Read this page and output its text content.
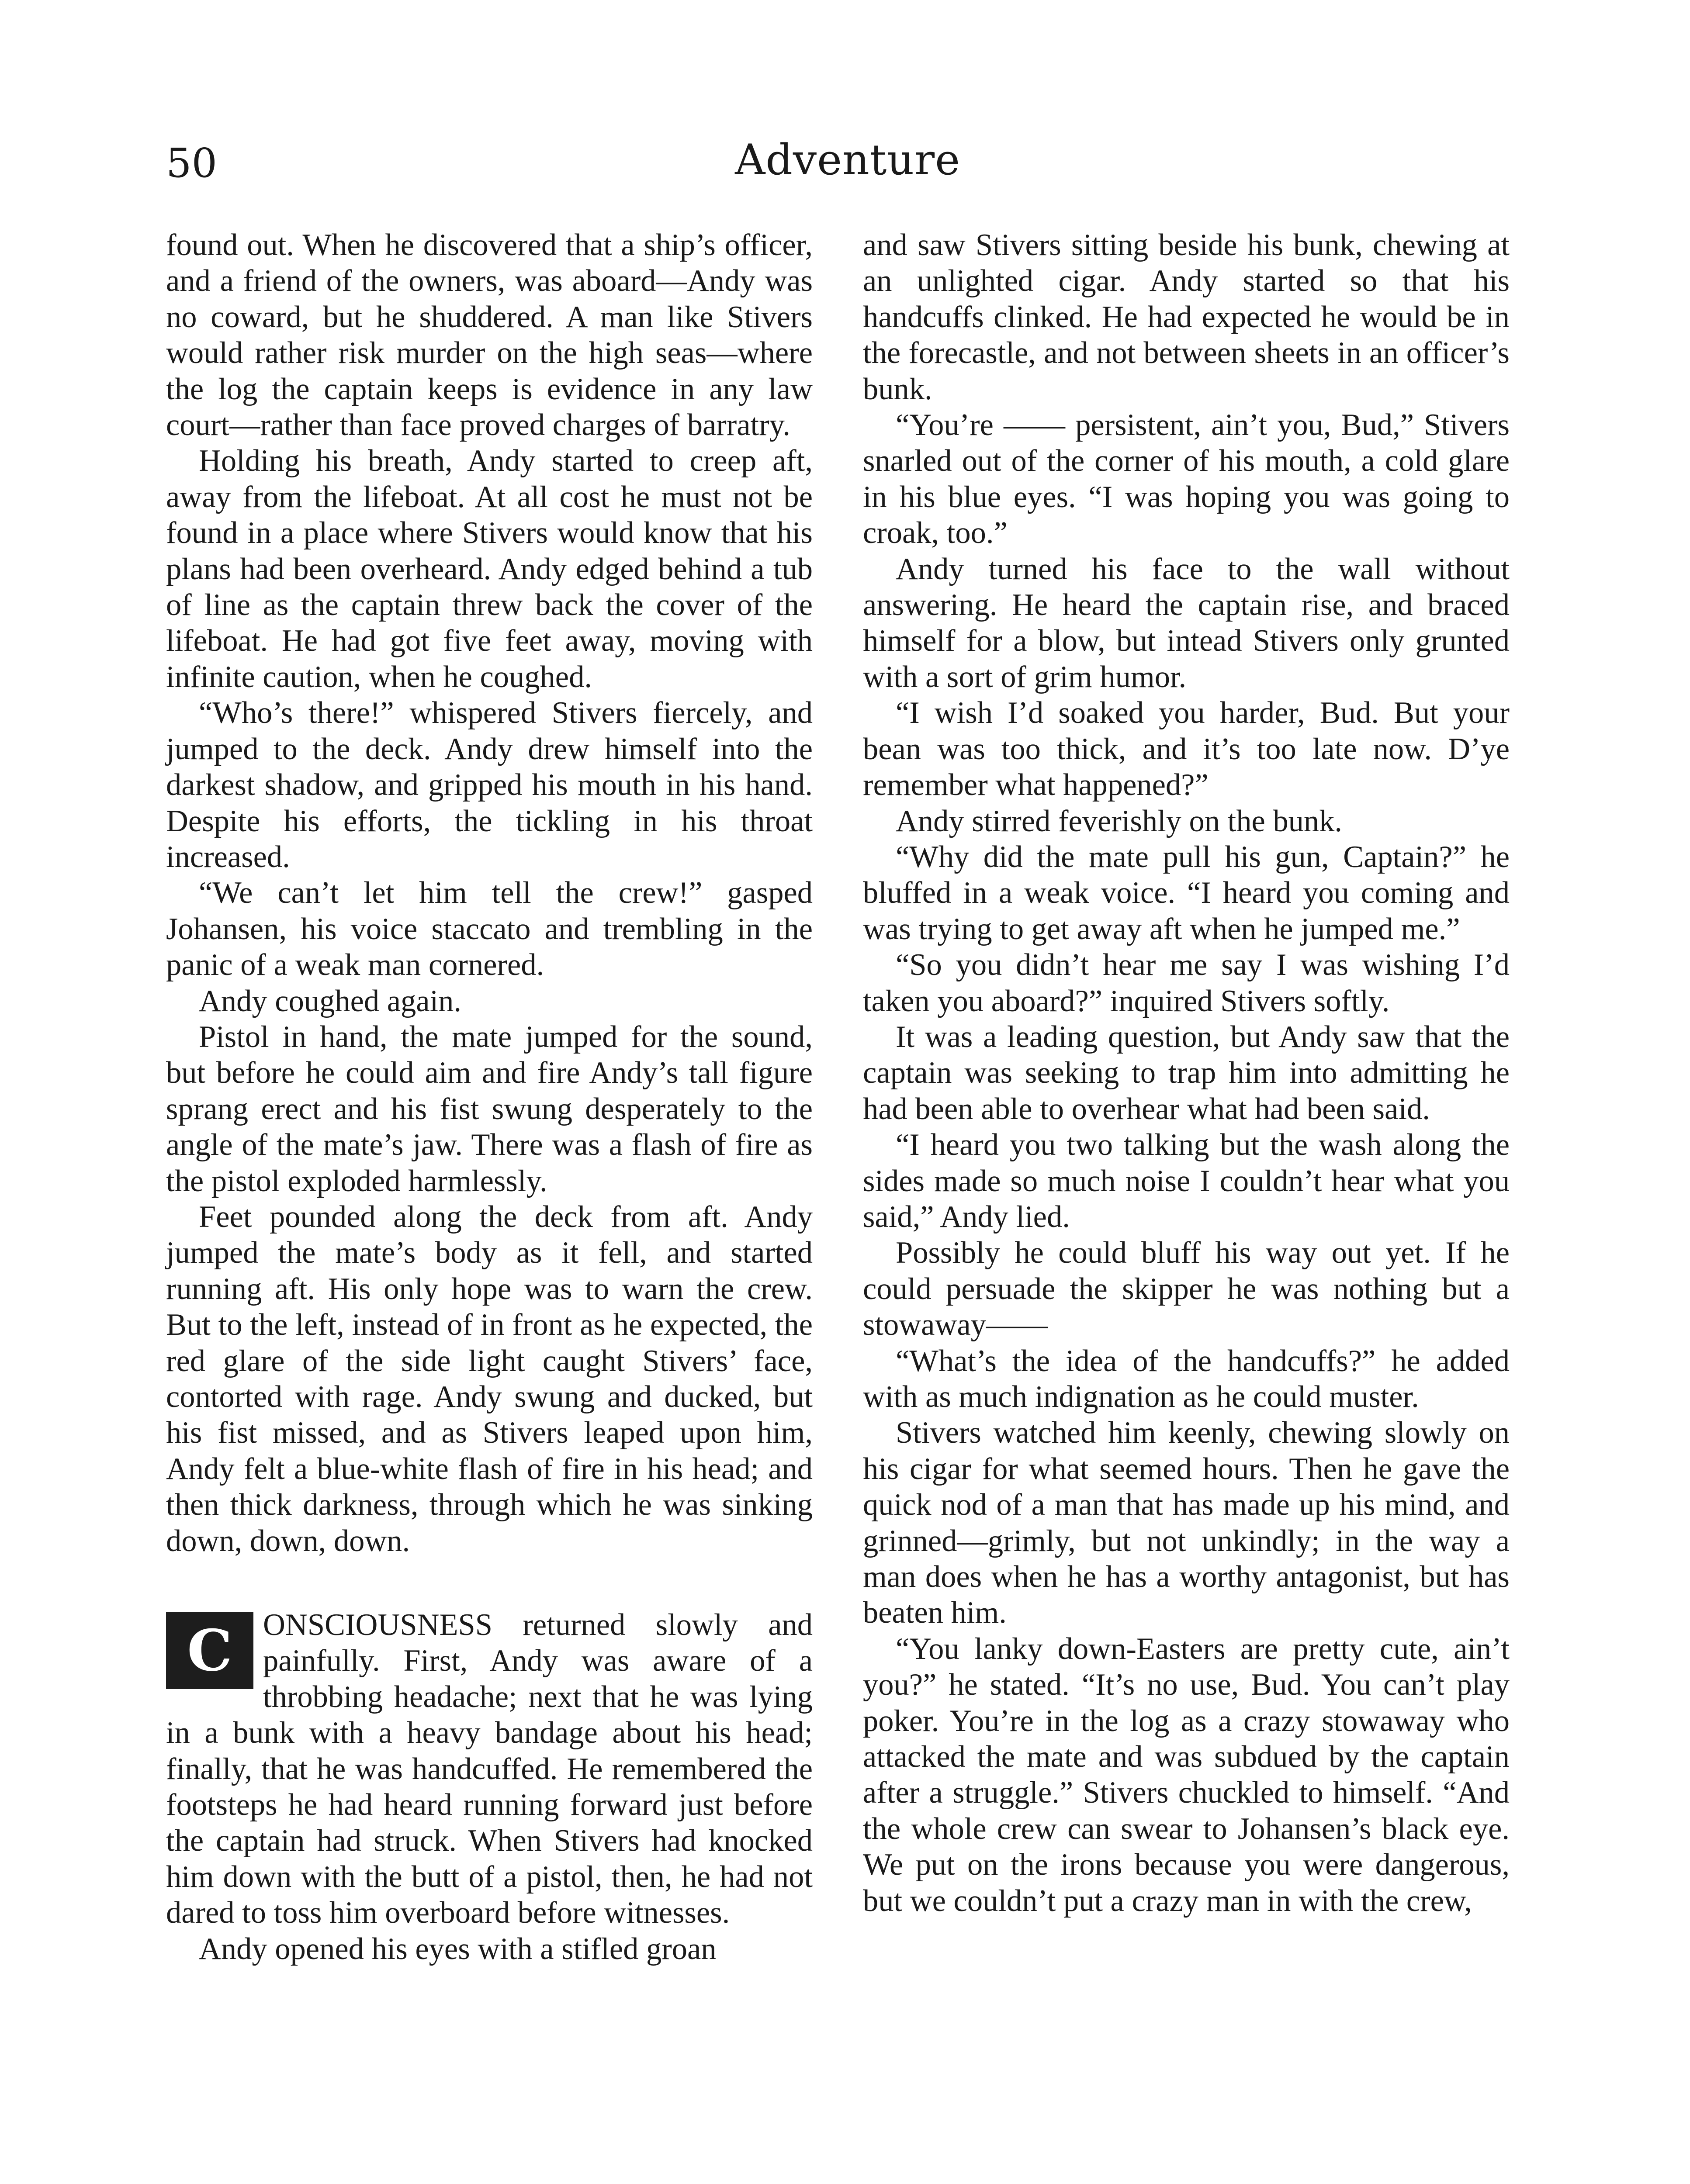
50	Adventure

found out. When he discovered that a ship’s officer, and a friend of the owners, was aboard—Andy was no coward, but he shuddered. A man like Stivers would rather risk murder on the high seas—where the log the captain keeps is evidence in any law court—rather than face proved charges of barratry.

Holding his breath, Andy started to creep aft, away from the lifeboat. At all cost he must not be found in a place where Stivers would know that his plans had been overheard. Andy edged behind a tub of line as the captain threw back the cover of the lifeboat. He had got five feet away, moving with infinite caution, when he coughed.

“Who’s there!” whispered Stivers fiercely, and jumped to the deck. Andy drew himself into the darkest shadow, and gripped his mouth in his hand. Despite his efforts, the tickling in his throat increased.

“We can’t let him tell the crew!” gasped Johansen, his voice staccato and trembling in the panic of a weak man cornered.

Andy coughed again.

Pistol in hand, the mate jumped for the sound, but before he could aim and fire Andy’s tall figure sprang erect and his fist swung desperately to the angle of the mate’s jaw. There was a flash of fire as the pistol exploded harmlessly.

Feet pounded along the deck from aft. Andy jumped the mate’s body as it fell, and started running aft. His only hope was to warn the crew. But to the left, instead of in front as he expected, the red glare of the side light caught Stivers’ face, contorted with rage. Andy swung and ducked, but his fist missed, and as Stivers leaped upon him, Andy felt a blue-white flash of fire in his head; and then thick darkness, through which he was sinking down, down, down.

C ONSCIOUSNESS returned slowly and painfully. First, Andy was aware of a throbbing headache; next that he was lying in a bunk with a heavy bandage about his head; finally, that he was handcuffed. He remembered the footsteps he had heard running forward just before the captain had struck. When Stivers had knocked him down with the butt of a pistol, then, he had not dared to toss him overboard before witnesses.

Andy opened his eyes with a stifled groan

and saw Stivers sitting beside his bunk, chewing at an unlighted cigar. Andy started so that his handcuffs clinked. He had expected he would be in the forecastle, and not between sheets in an officer’s bunk.

“You’re —— persistent, ain’t you, Bud,” Stivers snarled out of the corner of his mouth, a cold glare in his blue eyes. “I was hoping you was going to croak, too.”

Andy turned his face to the wall without answering. He heard the captain rise, and braced himself for a blow, but intead Stivers only grunted with a sort of grim humor.

“I wish I’d soaked you harder, Bud. But your bean was too thick, and it’s too late now. D’ye remember what happened?”

Andy stirred feverishly on the bunk.

“Why did the mate pull his gun, Captain?” he bluffed in a weak voice. “I heard you coming and was trying to get away aft when he jumped me.”

“So you didn’t hear me say I was wishing I’d taken you aboard?” inquired Stivers softly.

It was a leading question, but Andy saw that the captain was seeking to trap him into admitting he had been able to overhear what had been said.

“I heard you two talking but the wash along the sides made so much noise I couldn’t hear what you said,” Andy lied.

Possibly he could bluff his way out yet. If he could persuade the skipper he was nothing but a stowaway——

“What’s the idea of the handcuffs?” he added with as much indignation as he could muster.

Stivers watched him keenly, chewing slowly on his cigar for what seemed hours. Then he gave the quick nod of a man that has made up his mind, and grinned—grimly, but not unkindly; in the way a man does when he has a worthy antagonist, but has beaten him.

“You lanky down-Easters are pretty cute, ain’t you?” he stated. “It’s no use, Bud. You can’t play poker. You’re in the log as a crazy stowaway who attacked the mate and was subdued by the captain after a struggle.” Stivers chuckled to himself. “And the whole crew can swear to Johansen’s black eye. We put on the irons because you were dangerous, but we couldn’t put a crazy man in with the crew,
